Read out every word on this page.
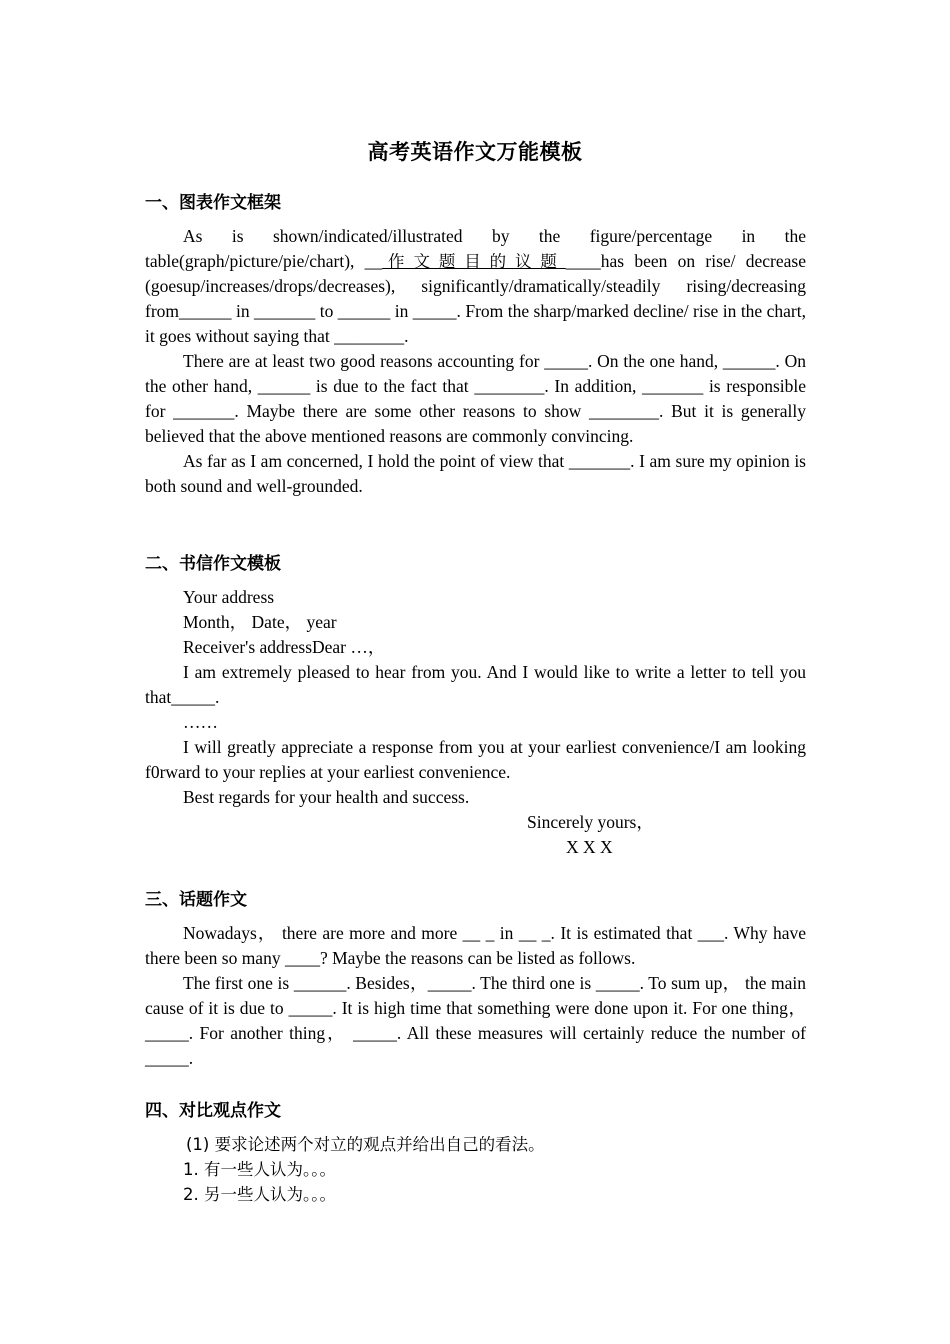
高考英语作文万能模板
一、图表作文框架

As is shown/indicated/illustrated by the figure/percentage in the table(graph/picture/pie/chart), __作文题目的议题____has been on rise/ decrease (goesup/increases/drops/decreases), significantly/dramatically/steadily rising/decreasing from______ in _______ to ______ in _____. From the sharp/marked decline/ rise in the chart, it goes without saying that ________.

There are at least two good reasons accounting for _____. On the one hand, ______. On the other hand, ______ is due to the fact that ________. In addition, _______ is responsible for _______. Maybe there are some other reasons to show ________. But it is generally believed that the above mentioned reasons are commonly convincing.

As far as I am concerned, I hold the point of view that _______. I am sure my opinion is both sound and well-grounded.

二、书信作文模板

Your address

Month， Date， year

Receiver's addressDear …，

I am extremely pleased to hear from you. And I would like to write a letter to tell you that_____.

……

I will greatly appreciate a response from you at your earliest convenience/I am looking f0rward to your replies at your earliest convenience.

Best regards for your health and success.

Sincerely yours，
X X X
三、话题作文

Nowadays， there are more and more __ _ in __ _. It is estimated that ___. Why have there been so many ____? Maybe the reasons can be listed as follows.

The first one is ______. Besides，_____. The third one is _____. To sum up， the main cause of it is due to _____. It is high time that something were done upon it. For one thing，_____. For another thing， _____. All these measures will certainly reduce the number of _____.

四、对比观点作文

(1) 要求论述两个对立的观点并给出自己的看法。

1. 有一些人认为。。。

2. 另一些人认为。。。
